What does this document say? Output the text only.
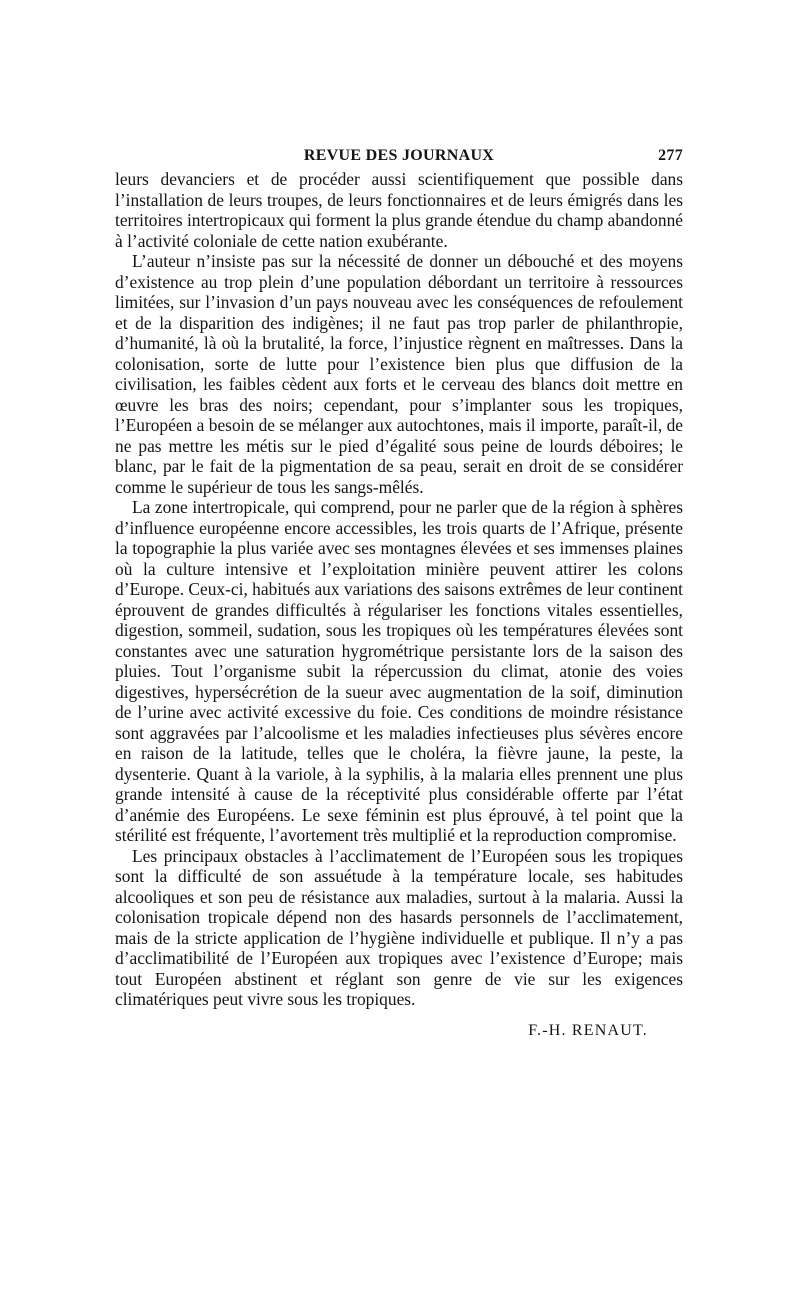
REVUE DES JOURNAUX	277

leurs devanciers et de procéder aussi scientifiquement que possible dans l’installation de leurs troupes, de leurs fonctionnaires et de leurs émigrés dans les territoires intertropicaux qui forment la plus grande étendue du champ abandonné à l’activité coloniale de cette nation exubérante.

L’auteur n’insiste pas sur la nécessité de donner un débouché et des moyens d’existence au trop plein d’une population débordant un territoire à ressources limitées, sur l’invasion d’un pays nouveau avec les conséquences de refoulement et de la disparition des indigènes; il ne faut pas trop parler de philanthropie, d’humanité, là où la brutalité, la force, l’injustice règnent en maîtresses. Dans la colonisation, sorte de lutte pour l’existence bien plus que diffusion de la civilisation, les faibles cèdent aux forts et le cerveau des blancs doit mettre en œuvre les bras des noirs; cependant, pour s’implanter sous les tropiques, l’Européen a besoin de se mélanger aux autochtones, mais il importe, paraît-il, de ne pas mettre les métis sur le pied d’égalité sous peine de lourds déboires; le blanc, par le fait de la pigmentation de sa peau, serait en droit de se considérer comme le supérieur de tous les sangs-mêlés.

La zone intertropicale, qui comprend, pour ne parler que de la région à sphères d’influence européenne encore accessibles, les trois quarts de l’Afrique, présente la topographie la plus variée avec ses montagnes élevées et ses immenses plaines où la culture intensive et l’exploitation minière peuvent attirer les colons d’Europe. Ceux-ci, habitués aux variations des saisons extrêmes de leur continent éprouvent de grandes difficultés à régulariser les fonctions vitales essentielles, digestion, sommeil, sudation, sous les tropiques où les températures élevées sont constantes avec une saturation hygrométrique persistante lors de la saison des pluies. Tout l’organisme subit la répercussion du climat, atonie des voies digestives, hypersécrétion de la sueur avec augmentation de la soif, diminution de l’urine avec activité excessive du foie. Ces conditions de moindre résistance sont aggravées par l’alcoolisme et les maladies infectieuses plus sévères encore en raison de la latitude, telles que le choléra, la fièvre jaune, la peste, la dysenterie. Quant à la variole, à la syphilis, à la malaria elles prennent une plus grande intensité à cause de la réceptivité plus considérable offerte par l’état d’anémie des Européens. Le sexe féminin est plus éprouvé, à tel point que la stérilité est fréquente, l’avortement très multiplié et la reproduction compromise.

Les principaux obstacles à l’acclimatement de l’Européen sous les tropiques sont la difficulté de son assuétude à la température locale, ses habitudes alcooliques et son peu de résistance aux maladies, surtout à la malaria. Aussi la colonisation tropicale dépend non des hasards personnels de l’acclimatement, mais de la stricte application de l’hygiène individuelle et publique. Il n’y a pas d’acclimatibilité de l’Européen aux tropiques avec l’existence d’Europe; mais tout Européen abstinent et réglant son genre de vie sur les exigences climatériques peut vivre sous les tropiques.

F.-H. RENAUT.
